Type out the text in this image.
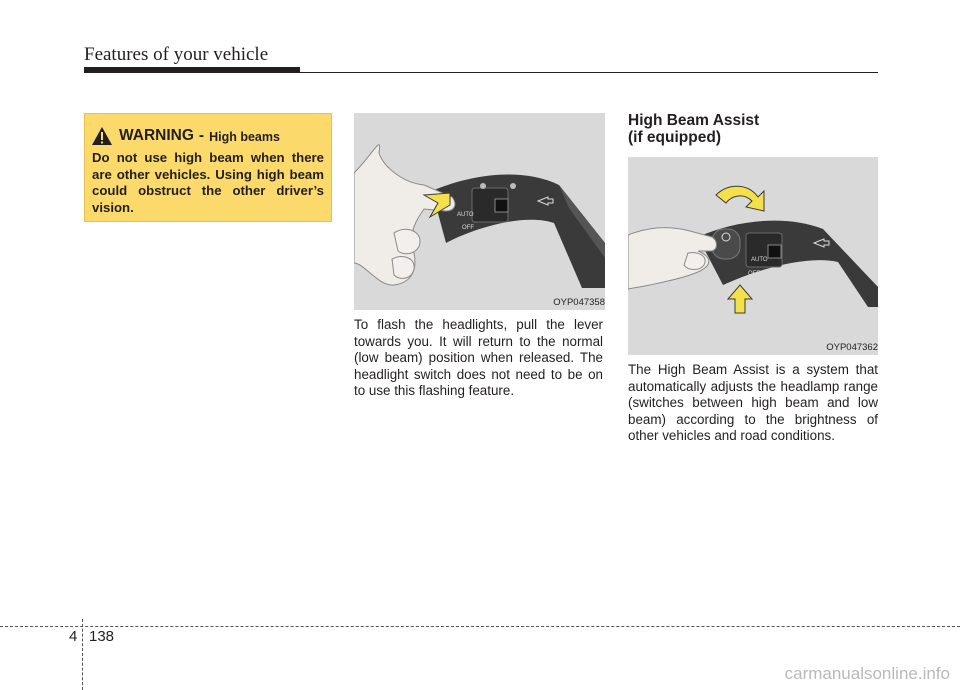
Features of your vehicle
WARNING - High beams
Do not use high beam when there are other vehicles. Using high beam could obstruct the other driver’s vision.
AUTO
OFF
OYP047358
To flash the headlights, pull the lever towards you. It will return to the normal (low beam) position when released. The headlight switch does not need to be on to use this flashing feature.
High Beam Assist
(if equipped)
AUTO
OFF
OYP047362
The High Beam Assist is a system that automatically adjusts the headlamp range (switches between high beam and low beam) according to the brightness of other vehicles and road conditions.
4 138
carmanualsonline.info
